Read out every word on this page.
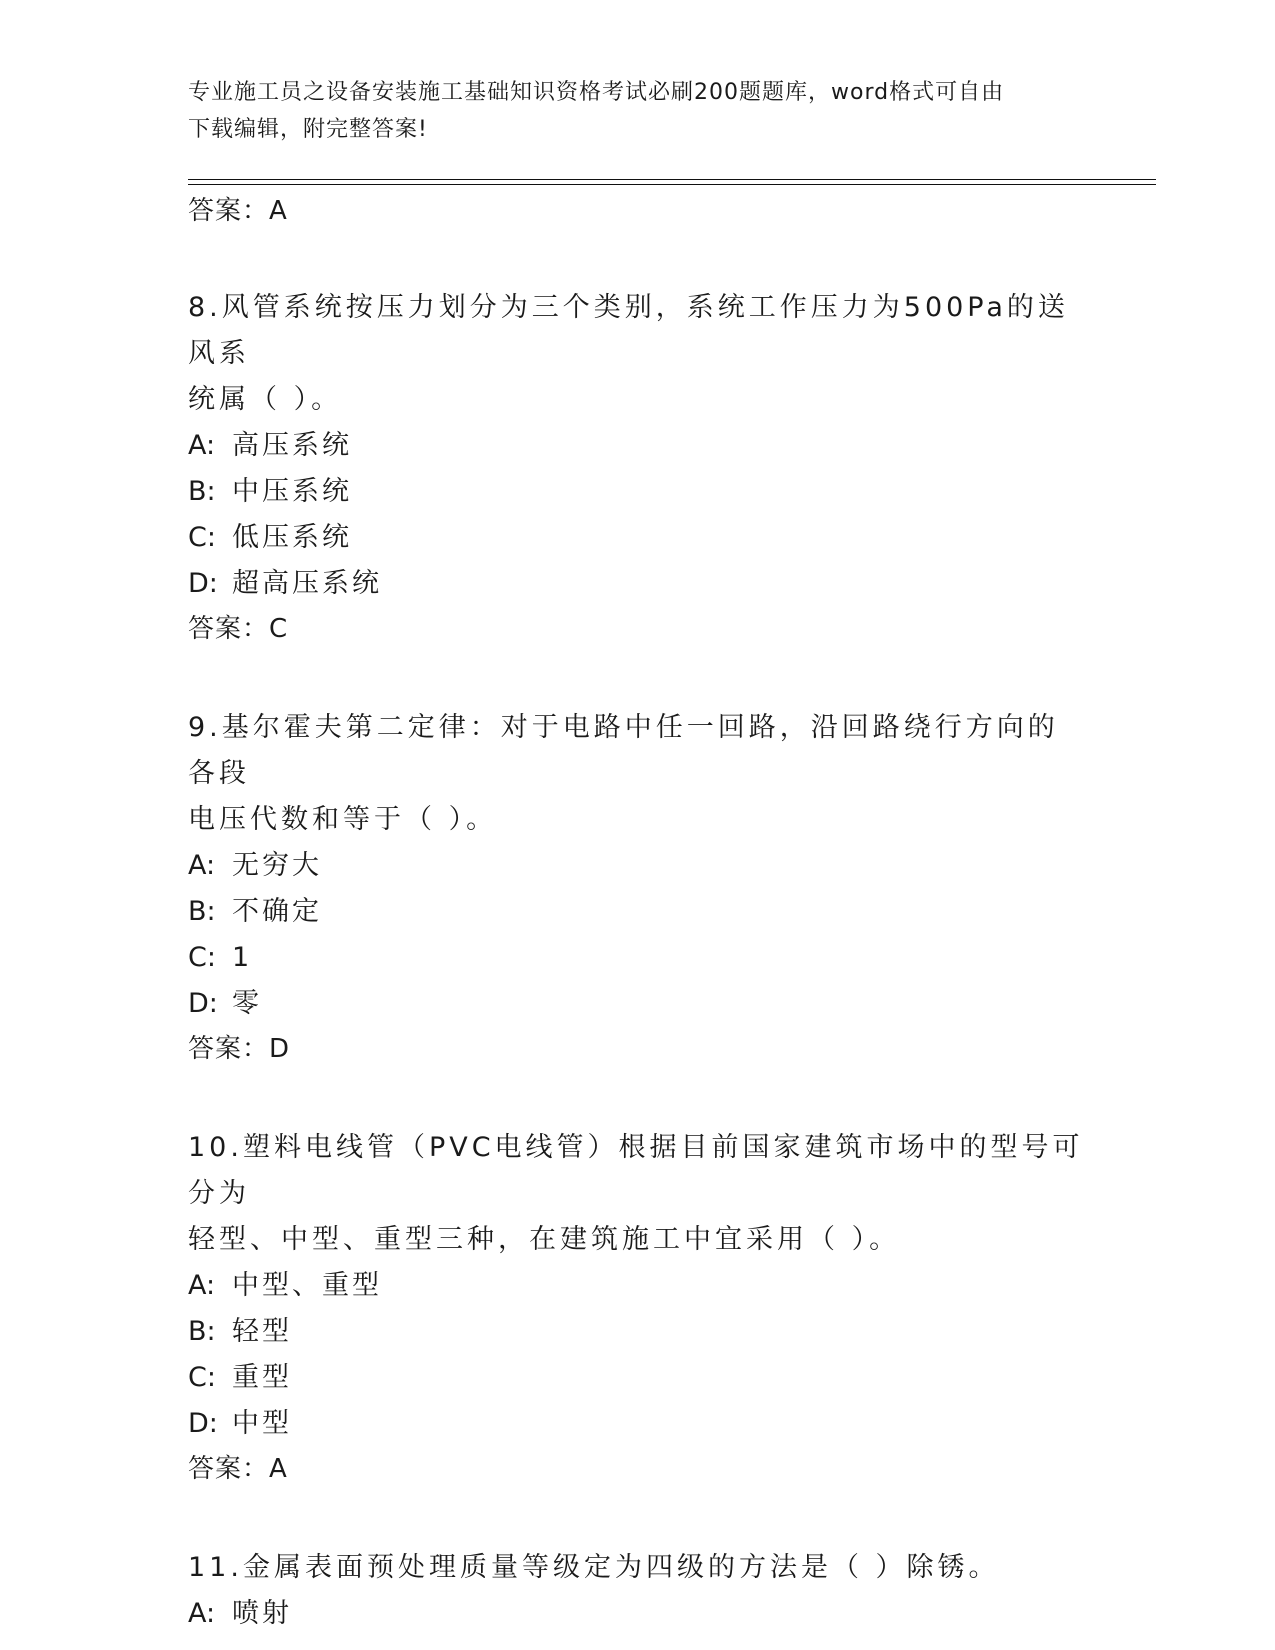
专业施工员之设备安装施工基础知识资格考试必刷200题题库，word格式可自由
下载编辑，附完整答案!
答案：A
8.风管系统按压力划分为三个类别，系统工作压力为500Pa的送风系
统属（ ）。
A: 高压系统
B: 中压系统
C: 低压系统
D: 超高压系统
答案：C
9.基尔霍夫第二定律：对于电路中任一回路，沿回路绕行方向的各段
电压代数和等于（ ）。
A: 无穷大
B: 不确定
C: 1
D: 零
答案：D
10.塑料电线管（PVC电线管）根据目前国家建筑市场中的型号可分为
轻型、中型、重型三种，在建筑施工中宜采用（ ）。
A: 中型、重型
B: 轻型
C: 重型
D: 中型
答案：A
11.金属表面预处理质量等级定为四级的方法是（ ）除锈。
A: 喷射
